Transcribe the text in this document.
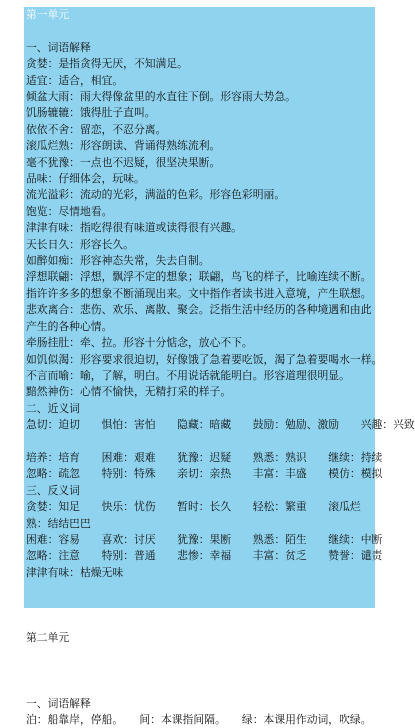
第一单元

一、词语解释

贪婪：是指贪得无厌，不知满足。

适宜：适合，相宜。

倾盆大雨：雨大得像盆里的水直往下倒。形容雨大势急。

饥肠辘辘：饿得肚子直叫。

依依不舍：留恋，不忍分离。

滚瓜烂熟：形容朗读、背诵得熟练流利。

毫不犹豫：一点也不迟疑，很坚决果断。

品味：仔细体会，玩味。

流光溢彩：流动的光彩，满溢的色彩。形容色彩明丽。

饱览：尽情地看。

津津有味：指吃得很有味道或读得很有兴趣。

天长日久：形容长久。

如醉如痴：形容神态失常，失去自制。

浮想联翩：浮想，飘浮不定的想象；联翩，鸟飞的样子，比喻连续不断。指许许多多的想象不断涌现出来。文中指作者读书进入意境，产生联想。

悲欢离合：悲伤、欢乐、离散、聚会。泛指生活中经历的各种境遇和由此产生的各种心情。

牵肠挂肚：牵、拉。形容十分惦念，放心不下。

如饥似渴：形容要求很迫切，好像饿了急着要吃饭，渴了急着要喝水一样。

不言而喻：喻，了解，明白。不用说话就能明白。形容道理很明显。

黯然神伤：心情不愉快，无精打采的样子。

二、近义词

急切：迫切　　惧怕：害怕　　隐藏：暗藏　　鼓励：勉励、激励　　兴趣：兴致

培养：培育　　困难：艰难　　犹豫：迟疑　　熟悉：熟识　　继续：持续

忽略：疏忽　　特别：特殊　　亲切：亲热　　丰富：丰盛　　模仿：模拟

三、反义词

贪婪：知足　　快乐：忧伤　　暂时：长久　　轻松：繁重　　滚瓜烂熟：结结巴巴

困难：容易　　喜欢：讨厌　　犹豫：果断　　熟悉：陌生　　继续：中断

忽略：注意　　特别：普通　　悲惨：幸福　　丰富：贫乏　　赞誉：谴责

津津有味：枯燥无味

第二单元

一、词语解释

泊：船靠岸，停船。　　间：本课指间隔。　　绿：本课用作动词，吹绿。
